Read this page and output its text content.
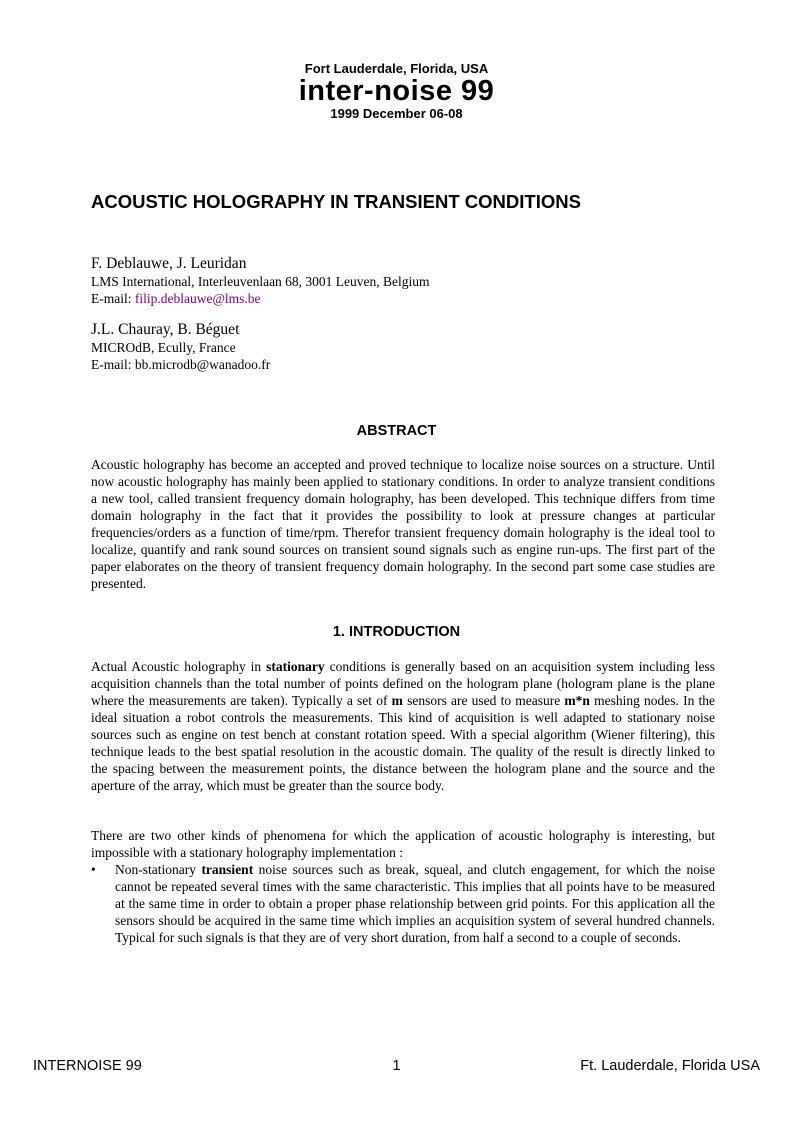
Fort Lauderdale, Florida, USA
inter-noise 99
1999 December 06-08
ACOUSTIC HOLOGRAPHY IN TRANSIENT CONDITIONS
F. Deblauwe, J. Leuridan
LMS International, Interleuvenlaan 68, 3001 Leuven, Belgium
E-mail: filip.deblauwe@lms.be
J.L. Chauray, B. Béguet
MICROdB, Ecully, France
E-mail: bb.microdb@wanadoo.fr
ABSTRACT

Acoustic holography has become an accepted and proved technique to localize noise sources on a structure. Until now acoustic holography has mainly been applied to stationary conditions. In order to analyze transient conditions a new tool, called transient frequency domain holography, has been developed. This technique differs from time domain holography in the fact that it provides the possibility to look at pressure changes at particular frequencies/orders as a function of time/rpm. Therefor transient frequency domain holography is the ideal tool to localize, quantify and rank sound sources on transient sound signals such as engine run-ups. The first part of the paper elaborates on the theory of transient frequency domain holography. In the second part some case studies are presented.

1. INTRODUCTION

Actual Acoustic holography in stationary conditions is generally based on an acquisition system including less acquisition channels than the total number of points defined on the hologram plane (hologram plane is the plane where the measurements are taken). Typically a set of m sensors are used to measure m*n meshing nodes. In the ideal situation a robot controls the measurements. This kind of acquisition is well adapted to stationary noise sources such as engine on test bench at constant rotation speed. With a special algorithm (Wiener filtering), this technique leads to the best spatial resolution in the acoustic domain. The quality of the result is directly linked to the spacing between the measurement points, the distance between the hologram plane and the source and the aperture of the array, which must be greater than the source body.

There are two other kinds of phenomena for which the application of acoustic holography is interesting, but impossible with a stationary holography implementation :

•	Non-stationary transient noise sources such as break, squeal, and clutch engagement, for which the noise cannot be repeated several times with the same characteristic. This implies that all points have to be measured at the same time in order to obtain a proper phase relationship between grid points. For this application all the sensors should be acquired in the same time which implies an acquisition system of several hundred channels. Typical for such signals is that they are of very short duration, from half a second to a couple of seconds.
INTERNOISE 99	1	Ft. Lauderdale, Florida USA
